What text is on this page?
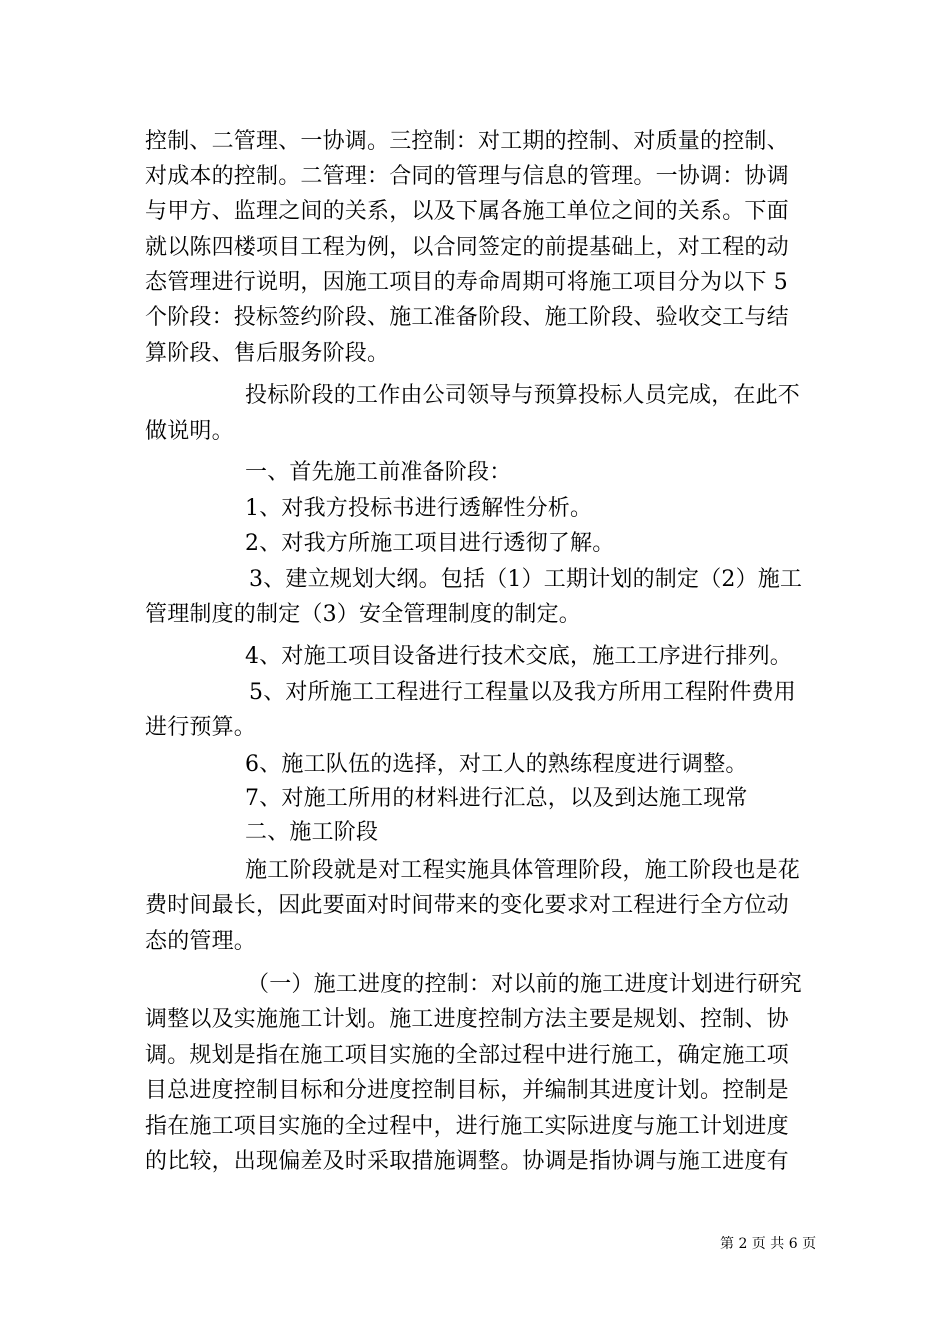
控制、二管理、一协调。三控制：对工期的控制、对质量的控制、
对成本的控制。二管理：合同的管理与信息的管理。一协调：协调
与甲方、监理之间的关系，以及下属各施工单位之间的关系。下面
就以陈四楼项目工程为例，以合同签定的前提基础上，对工程的动
态管理进行说明，因施工项目的寿命周期可将施工项目分为以下 5
个阶段：投标签约阶段、施工准备阶段、施工阶段、验收交工与结
算阶段、售后服务阶段。
投标阶段的工作由公司领导与预算投标人员完成，在此不
做说明。
一、首先施工前准备阶段：
1、对我方投标书进行透解性分析。
2、对我方所施工项目进行透彻了解。
3、建立规划大纲。包括（1）工期计划的制定（2）施工
管理制度的制定（3）安全管理制度的制定。
4、对施工项目设备进行技术交底，施工工序进行排列。
5、对所施工工程进行工程量以及我方所用工程附件费用
进行预算。
6、施工队伍的选择，对工人的熟练程度进行调整。
7、对施工所用的材料进行汇总，以及到达施工现常
二、施工阶段
施工阶段就是对工程实施具体管理阶段，施工阶段也是花
费时间最长，因此要面对时间带来的变化要求对工程进行全方位动
态的管理。
（一）施工进度的控制：对以前的施工进度计划进行研究
调整以及实施施工计划。施工进度控制方法主要是规划、控制、协
调。规划是指在施工项目实施的全部过程中进行施工，确定施工项
目总进度控制目标和分进度控制目标，并编制其进度计划。控制是
指在施工项目实施的全过程中，进行施工实际进度与施工计划进度
的比较，出现偏差及时采取措施调整。协调是指协调与施工进度有
第 2 页 共 6 页
